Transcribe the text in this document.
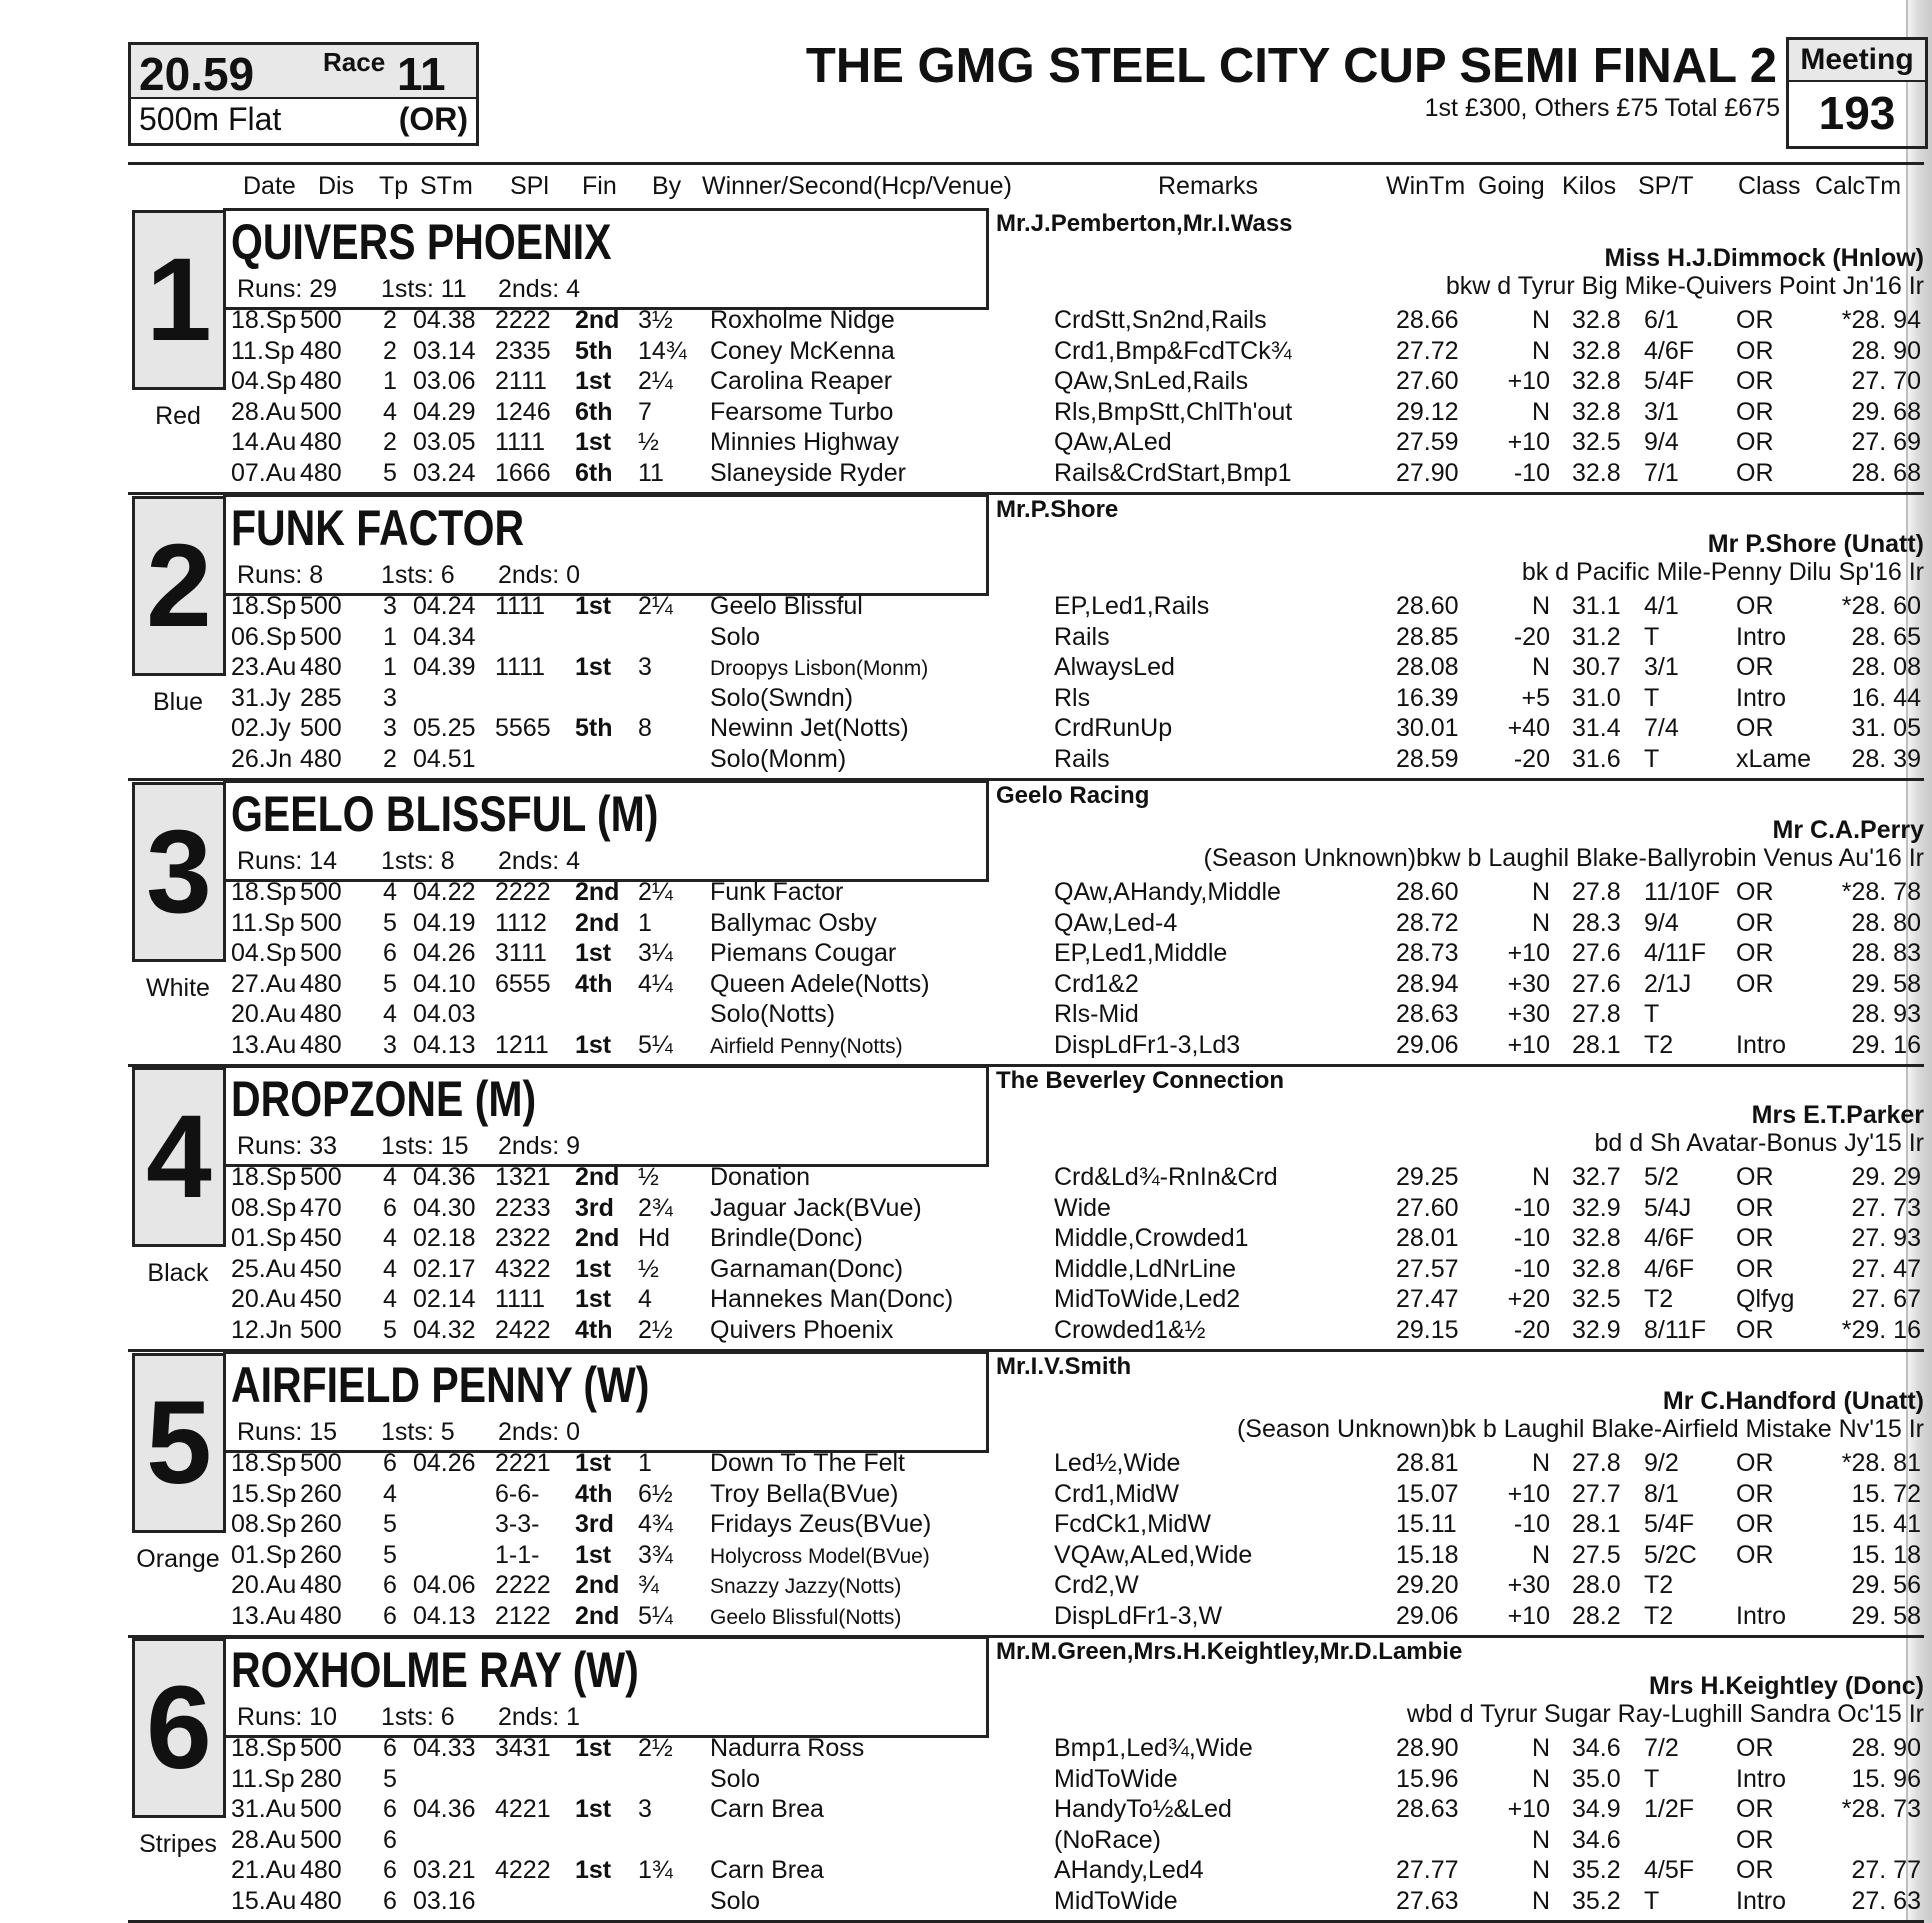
20.59	Race 11
500m Flat	(OR)
THE GMG STEEL CITY CUP SEMI FINAL 2
1st £300, Others £75 Total £675
Meeting
193
Date Dis Tp STm SPl Fin By Winner/Second(Hcp/Venue)	Remarks	WinTm Going Kilos SP/T Class CalcTm
1
Red
QUIVERS PHOENIX
Runs: 29 1sts: 11 2nds: 4
Mr.J.Pemberton,Mr.I.Wass
Miss H.J.Dimmock (Hnlow)
bkw d Tyrur Big Mike-Quivers Point Jn'16 Ir
18.Sp 500 2 04.38 2222 2nd 3½ Roxholme Nidge	CrdStt,Sn2nd,Rails	28.66	N 32.8 6/1 OR	*28. 94
11.Sp 480 2 03.14 2335 5th 14¾ Coney McKenna	Crd1,Bmp&FcdTCk¾	27.72	N 32.8 4/6F OR	28. 90
04.Sp 480 1 03.06 2111 1st 2¼ Carolina Reaper	QAw,SnLed,Rails	27.60	+10 32.8 5/4F OR	27. 70
28.Au 500 4 04.29 1246 6th 7 Fearsome Turbo	Rls,BmpStt,ChlTh'out	29.12	N 32.8 3/1 OR	29. 68
14.Au 480 2 03.05 1111 1st ½ Minnies Highway	QAw,ALed	27.59	+10 32.5 9/4 OR	27. 69
07.Au 480 5 03.24 1666 6th 11 Slaneyside Ryder	Rails&CrdStart,Bmp1	27.90	-10 32.8 7/1 OR	28. 68
2
Blue
FUNK FACTOR
Runs: 8 1sts: 6 2nds: 0
Mr.P.Shore
Mr P.Shore (Unatt)
bk d Pacific Mile-Penny Dilu Sp'16 Ir
18.Sp 500 3 04.24 1111 1st 2¼ Geelo Blissful	EP,Led1,Rails	28.60	N 31.1 4/1 OR	*28. 60
06.Sp 500 1 04.34	Solo	Rails	28.85	-20 31.2 T	Intro	28. 65
23.Au 480 1 04.39 1111 1st 3	Droopys Lisbon(Monm)	AlwaysLed	28.08	N 30.7 3/1 OR	28. 08
31.Jy 285 3	Solo(Swndn)	Rls	16.39	+5 31.0 T	Intro	16. 44
02.Jy 500 3 05.25 5565 5th 8 Newinn Jet(Notts)	CrdRunUp	30.01	+40 31.4 7/4 OR	31. 05
26.Jn 480 2 04.51	Solo(Monm)	Rails	28.59	-20 31.6 T	xLame	28. 39
3
White
GEELO BLISSFUL (M)
Runs: 14 1sts: 8 2nds: 4
Geelo Racing
Mr C.A.Perry
(Season Unknown)bkw b Laughil Blake-Ballyrobin Venus Au'16 Ir
18.Sp 500 4 04.22 2222 2nd 2¼ Funk Factor	QAw,AHandy,Middle	28.60	N 27.8 11/10F OR	*28. 78
11.Sp 500 5 04.19 1112 2nd 1 Ballymac Osby	QAw,Led-4	28.72	N 28.3 9/4 OR	28. 80
04.Sp 500 6 04.26 3111 1st 3¼ Piemans Cougar	EP,Led1,Middle	28.73	+10 27.6 4/11F OR	28. 83
27.Au 480 5 04.10 6555 4th 4¼ Queen Adele(Notts)	Crd1&2	28.94	+30 27.6 2/1J OR	29. 58
20.Au 480 4 04.03	Solo(Notts)	Rls-Mid	28.63	+30 27.8 T	28. 93
13.Au 480 3 04.13 1211 1st 5¼ Airfield Penny(Notts)	DispLdFr1-3,Ld3	29.06	+10 28.1 T2	Intro	29. 16
4
Black
DROPZONE (M)
Runs: 33 1sts: 15 2nds: 9
The Beverley Connection
Mrs E.T.Parker
bd d Sh Avatar-Bonus Jy'15 Ir
18.Sp 500 4 04.36 1321 2nd ½ Donation	Crd&Ld¾-RnIn&Crd	29.25	N 32.7 5/2 OR	29. 29
08.Sp 470 6 04.30 2233 3rd 2¾ Jaguar Jack(BVue)	Wide	27.60	-10 32.9 5/4J OR	27. 73
01.Sp 450 4 02.18 2322 2nd Hd Brindle(Donc)	Middle,Crowded1	28.01	-10 32.8 4/6F OR	27. 93
25.Au 450 4 02.17 4322 1st ½ Garnaman(Donc)	Middle,LdNrLine	27.57	-10 32.8 4/6F OR	27. 47
20.Au 450 4 02.14 1111 1st 4 Hannekes Man(Donc)	MidToWide,Led2	27.47	+20 32.5 T2	Qlfyg	27. 67
12.Jn 500 5 04.32 2422 4th 2½ Quivers Phoenix	Crowded1&½	29.15	-20 32.9 8/11F OR	*29. 16
5
Orange
AIRFIELD PENNY (W)
Runs: 15 1sts: 5 2nds: 0
Mr.I.V.Smith
Mr C.Handford (Unatt)
(Season Unknown)bk b Laughil Blake-Airfield Mistake Nv'15 Ir
18.Sp 500 6 04.26 2221 1st 1 Down To The Felt	Led½,Wide	28.81	N 27.8 9/2 OR	*28. 81
15.Sp 260 4	6-6- 4th 6½ Troy Bella(BVue)	Crd1,MidW	15.07	+10 27.7 8/1 OR	15. 72
08.Sp 260 5	3-3- 3rd 4¾ Fridays Zeus(BVue)	FcdCk1,MidW	15.11	-10 28.1 5/4F OR	15. 41
01.Sp 260 5	1-1- 1st 3¾ Holycross Model(BVue)	VQAw,ALed,Wide	15.18	N 27.5 5/2C OR	15. 18
20.Au 480 6 04.06 2222 2nd ¾ Snazzy Jazzy(Notts)	Crd2,W	29.20	+30 28.0 T2	29. 56
13.Au 480 6 04.13 2122 2nd 5¼ Geelo Blissful(Notts)	DispLdFr1-3,W	29.06	+10 28.2 T2	Intro	29. 58
6
Stripes
ROXHOLME RAY (W)
Runs: 10 1sts: 6 2nds: 1
Mr.M.Green,Mrs.H.Keightley,Mr.D.Lambie
Mrs H.Keightley (Donc)
wbd d Tyrur Sugar Ray-Lughill Sandra Oc'15 Ir
18.Sp 500 6 04.33 3431 1st 2½ Nadurra Ross	Bmp1,Led¾,Wide	28.90	N 34.6 7/2 OR	28. 90
11.Sp 280 5	Solo	MidToWide	15.96	N 35.0 T	Intro	15. 96
31.Au 500 6 04.36 4221 1st 3 Carn Brea	HandyTo½&Led	28.63	+10 34.9 1/2F OR	*28. 73
28.Au 500 6	(NoRace)	N 34.6	OR
21.Au 480 6 03.21 4222 1st 1¾ Carn Brea	AHandy,Led4	27.77	N 35.2 4/5F OR	27. 77
15.Au 480 6 03.16	Solo	MidToWide	27.63	N 35.2 T	Intro	27. 63
